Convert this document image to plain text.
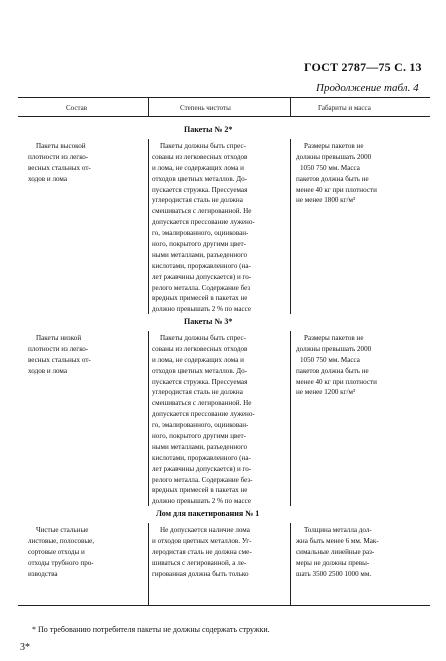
ГОСТ 2787—75 С. 13
Продолжение табл. 4
Состав	Степень чистоты	Габариты и масса
Пакеты № 2*
Пакеты высокой
плотности из легко-
весных стальных от-
ходов и лома
Пакеты должны быть спрес-
сованы из легковесных отходов
и лома, не содержащих лома и
отходов цветных металлов. До-
пускается стружка. Прессуемая
углеродистая сталь не должна
смешиваться с легированной. Не
допускается прессование лужено-
го, эмалированного, оцинкован-
ного, покрытого другими цвет-
ными металлами, разъеденного
кислотами, проржавленного (на-
лет ржавчины допускается) и го-
релого металла. Содержание без
вредных примесей в пакетах не
должно превышать 2 % по массе
Размеры пакетов не
должны превышать 2000
1050 750 мм. Масса
пакетов должна быть не
менее 40 кг при плотности
не менее 1800 кг/м³
Пакеты № 3*
Пакеты низкой
плотности из легко-
весных стальных от-
ходов и лома
Пакеты должны быть спрес-
сованы из легковесных отходов
и лома, не содержащих лома и
отходов цветных металлов. До-
пускается стружка. Прессуемая
углеродистая сталь не должна
смешиваться с легированной. Не
допускается прессование лужено-
го, эмалированного, оцинкован-
ного, покрытого другими цвет-
ными металлами, разъеденного
кислотами, проржавленного (на-
лет ржавчины допускается) и го-
релого металла. Содержание без-
вредных примесей в пакетах не
должно превышать 2 % по массе
Размеры пакетов не
должны превышать 2000
1050 750 мм. Масса
пакетов должна быть не
менее 40 кг при плотности
не менее 1200 кг/м³
Лом для пакетирования № 1
Чистые стальные
листовые, полосовые,
сортовые отходы и
отходы трубного про-
изводства
Не допускается наличие лома
и отходов цветных металлов. Уг-
леродистая сталь не должна сме-
шиваться с легированной, а ле-
гированная должна быть только
Толщина металла дол-
жна быть менее 6 мм. Мак-
симальные линейные раз-
меры не должны превы-
шать 3500 2500 1000 мм.
* По требованию потребителя пакеты не должны содержать стружки.
3*
